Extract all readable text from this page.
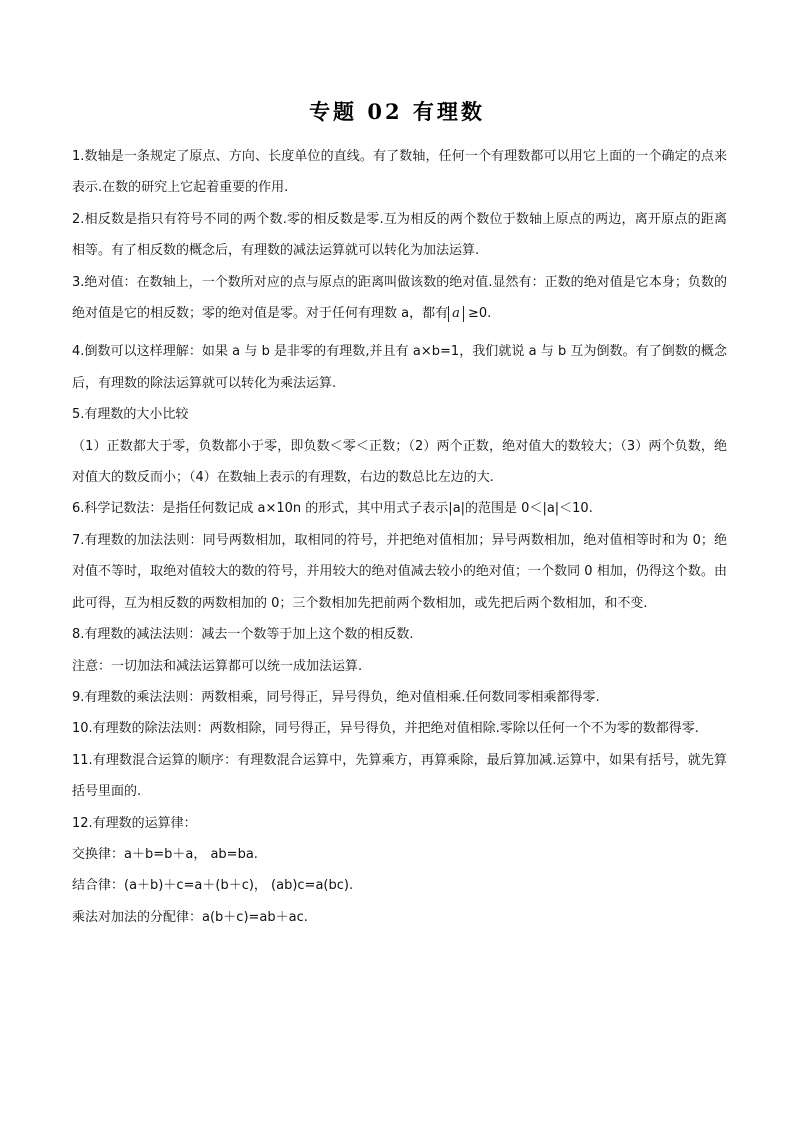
专题 02 有理数

1.数轴是一条规定了原点、方向、长度单位的直线。有了数轴，任何一个有理数都可以用它上面的一个确定的点来表示.在数的研究上它起着重要的作用.

2.相反数是指只有符号不同的两个数.零的相反数是零.互为相反的两个数位于数轴上原点的两边，离开原点的距离相等。有了相反数的概念后，有理数的减法运算就可以转化为加法运算.

3.绝对值：在数轴上，一个数所对应的点与原点的距离叫做该数的绝对值.显然有：正数的绝对值是它本身；负数的绝对值是它的相反数；零的绝对值是零。对于任何有理数 a，都有 a ≥0.

4.倒数可以这样理解：如果 a 与 b 是非零的有理数,并且有 a×b=1，我们就说 a 与 b 互为倒数。有了倒数的概念后，有理数的除法运算就可以转化为乘法运算.

5.有理数的大小比较

（1）正数都大于零，负数都小于零，即负数＜零＜正数；（2）两个正数，绝对值大的数较大；（3）两个负数，绝对值大的数反而小；（4）在数轴上表示的有理数，右边的数总比左边的大.

6.科学记数法：是指任何数记成 a×10n 的形式，其中用式子表示|a|的范围是 0＜|a|＜10.

7.有理数的加法法则：同号两数相加，取相同的符号，并把绝对值相加；异号两数相加，绝对值相等时和为 0；绝对值不等时，取绝对值较大的数的符号，并用较大的绝对值减去较小的绝对值；一个数同 0 相加，仍得这个数。由此可得，互为相反数的两数相加的 0；三个数相加先把前两个数相加，或先把后两个数相加，和不变.

8.有理数的减法法则：减去一个数等于加上这个数的相反数.

注意：一切加法和减法运算都可以统一成加法运算.

9.有理数的乘法法则：两数相乘，同号得正，异号得负，绝对值相乘.任何数同零相乘都得零.

10.有理数的除法法则：两数相除，同号得正，异号得负，并把绝对值相除.零除以任何一个不为零的数都得零.

11.有理数混合运算的顺序：有理数混合运算中，先算乘方，再算乘除，最后算加减.运算中，如果有括号，就先算括号里面的.

12.有理数的运算律：

交换律：a＋b=b＋a， ab=ba.

结合律：(a＋b)＋c=a＋(b＋c)， (ab)c=a(bc).

乘法对加法的分配律：a(b＋c)=ab＋ac.
